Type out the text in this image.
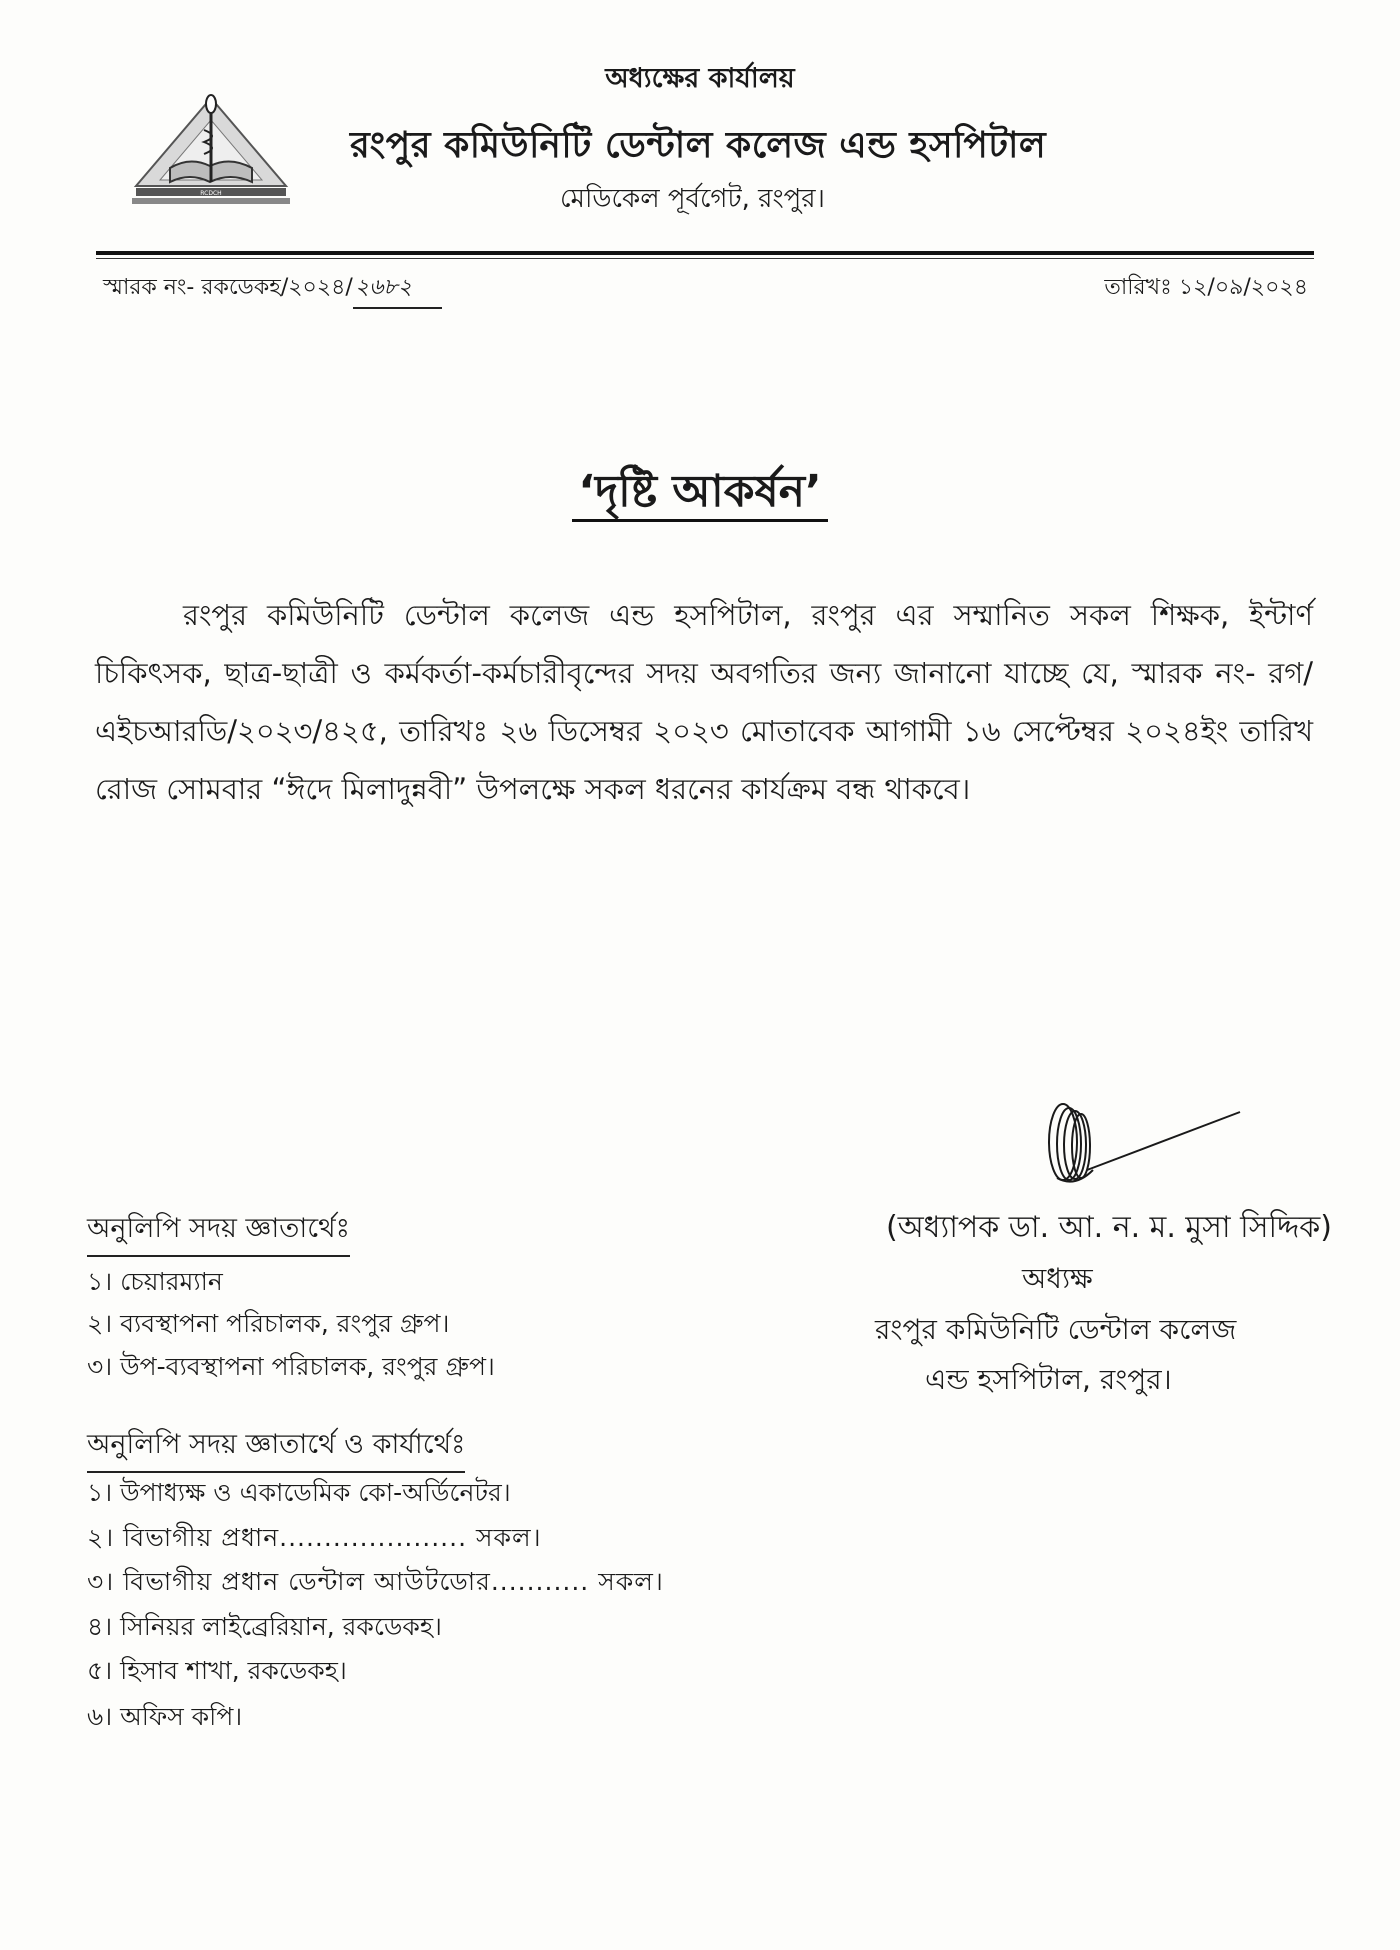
অধ্যক্ষের কার্যালয়
RCDCH
রংপুর কমিউনিটি ডেন্টাল কলেজ এন্ড হসপিটাল
মেডিকেল পূর্বগেট, রংপুর।
স্মারক নং- রকডেকহ/২০২৪/২৬৮২	তারিখঃ ১২/০৯/২০২৪
‘দৃষ্টি আকর্ষন’
রংপুর কমিউনিটি ডেন্টাল কলেজ এন্ড হসপিটাল, রংপুর এর সম্মানিত সকল শিক্ষক, ইন্টার্ণ চিকিৎসক, ছাত্র-ছাত্রী ও কর্মকর্তা-কর্মচারীবৃন্দের সদয় অবগতির জন্য জানানো যাচ্ছে যে, স্মারক নং- রগ/এইচআরডি/২০২৩/৪২৫, তারিখঃ ২৬ ডিসেম্বর ২০২৩ মোতাবেক আগামী ১৬ সেপ্টেম্বর ২০২৪ইং তারিখ রোজ সোমবার “ঈদে মিলাদুন্নবী” উপলক্ষে সকল ধরনের কার্যক্রম বন্ধ থাকবে।
(অধ্যাপক ডা. আ. ন. ম. মুসা সিদ্দিক)
অধ্যক্ষ
রংপুর কমিউনিটি ডেন্টাল কলেজ
এন্ড হসপিটাল, রংপুর।
অনুলিপি সদয় জ্ঞাতার্থেঃ
১। চেয়ারম্যান
২। ব্যবস্থাপনা পরিচালক, রংপুর গ্রুপ।
৩। উপ-ব্যবস্থাপনা পরিচালক, রংপুর গ্রুপ।
অনুলিপি সদয় জ্ঞাতার্থে ও কার্যার্থেঃ
১। উপাধ্যক্ষ ও একাডেমিক কো-অর্ডিনেটর।
২। বিভাগীয় প্রধান..................... সকল।
৩। বিভাগীয় প্রধান ডেন্টাল আউটডোর........... সকল।
৪। সিনিয়র লাইব্রেরিয়ান, রকডেকহ।
৫। হিসাব শাখা, রকডেকহ।
৬। অফিস কপি।
